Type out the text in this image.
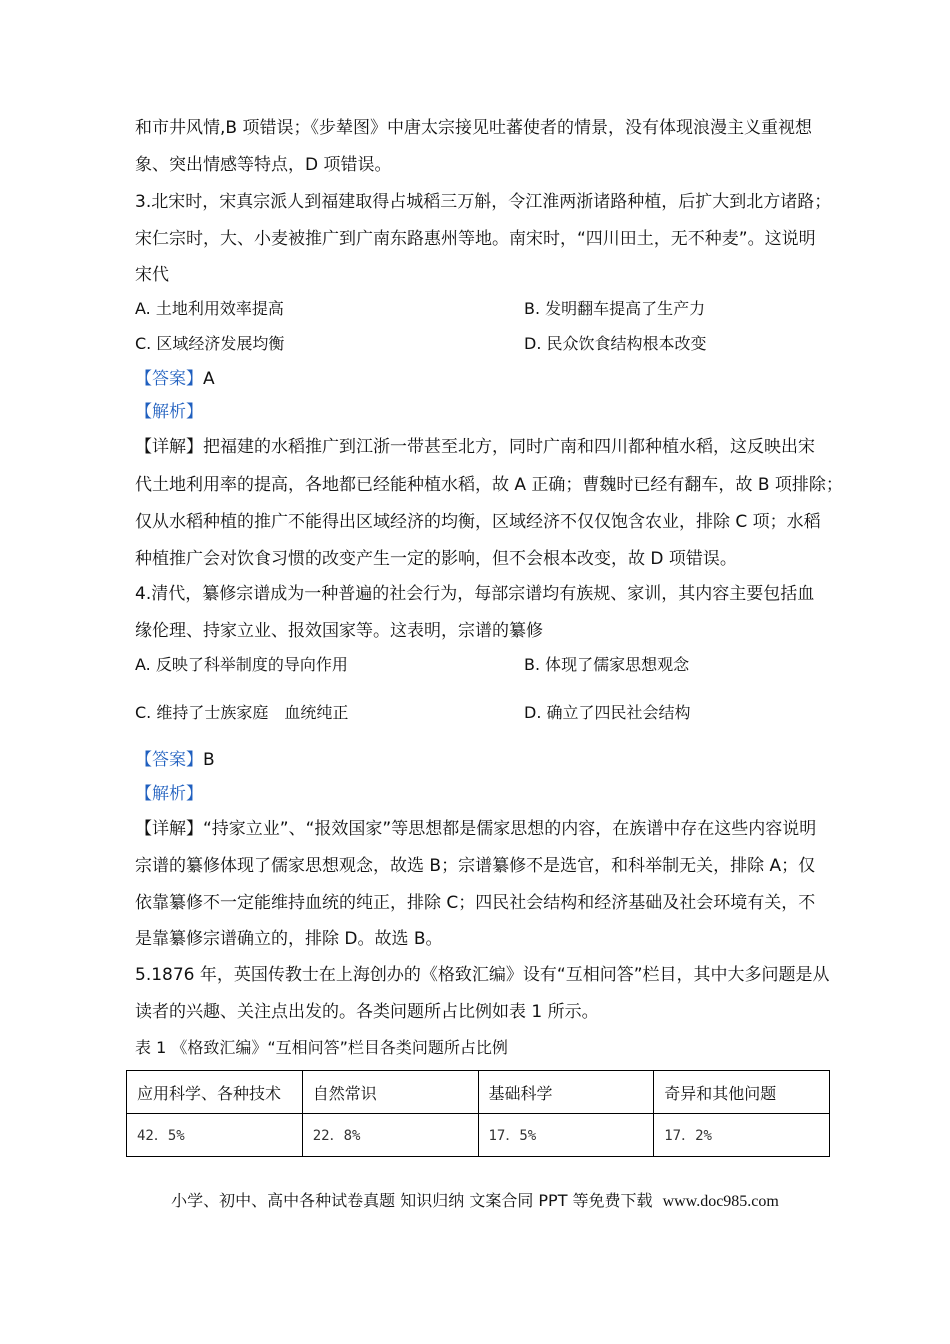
和市井风情,B 项错误；《步辇图》中唐太宗接见吐蕃使者的情景，没有体现浪漫主义重视想
象、突出情感等特点，D 项错误。
3.北宋时，宋真宗派人到福建取得占城稻三万斛，令江淮两浙诸路种植，后扩大到北方诸路；
宋仁宗时，大、小麦被推广到广南东路惠州等地。南宋时，“四川田土，无不种麦”。这说明
宋代
A. 土地利用效率提高	B. 发明翻车提高了生产力
C. 区域经济发展均衡	D. 民众饮食结构根本改变
【答案】A
【解析】
【详解】把福建的水稻推广到江浙一带甚至北方，同时广南和四川都种植水稻，这反映出宋
代土地利用率的提高，各地都已经能种植水稻，故 A 正确；曹魏时已经有翻车，故 B 项排除；
仅从水稻种植的推广不能得出区域经济的均衡，区域经济不仅仅饱含农业，排除 C 项；水稻
种植推广会对饮食习惯的改变产生一定的影响，但不会根本改变，故 D 项错误。
4.清代，纂修宗谱成为一种普遍的社会行为，每部宗谱均有族规、家训，其内容主要包括血
缘伦理、持家立业、报效国家等。这表明，宗谱的纂修
A. 反映了科举制度的导向作用	B. 体现了儒家思想观念
C. 维持了士族家庭　血统纯正	D. 确立了四民社会结构
【答案】B
【解析】
【详解】“持家立业”、“报效国家”等思想都是儒家思想的内容，在族谱中存在这些内容说明
宗谱的纂修体现了儒家思想观念，故选 B；宗谱纂修不是选官，和科举制无关，排除 A；仅
依靠纂修不一定能维持血统的纯正，排除 C；四民社会结构和经济基础及社会环境有关，不
是靠纂修宗谱确立的，排除 D。故选 B。
5.1876 年，英国传教士在上海创办的《格致汇编》设有“互相问答”栏目，其中大多问题是从
读者的兴趣、关注点出发的。各类问题所占比例如表 1 所示。
表 1 《格致汇编》“互相问答”栏目各类问题所占比例
应用科学、各种技术	自然常识	基础科学	奇异和其他问题
42．5%	22．8%	17．5%	17．2%
小学、初中、高中各种试卷真题 知识归纳 文案合同 PPT 等免费下载 www.doc985.com
